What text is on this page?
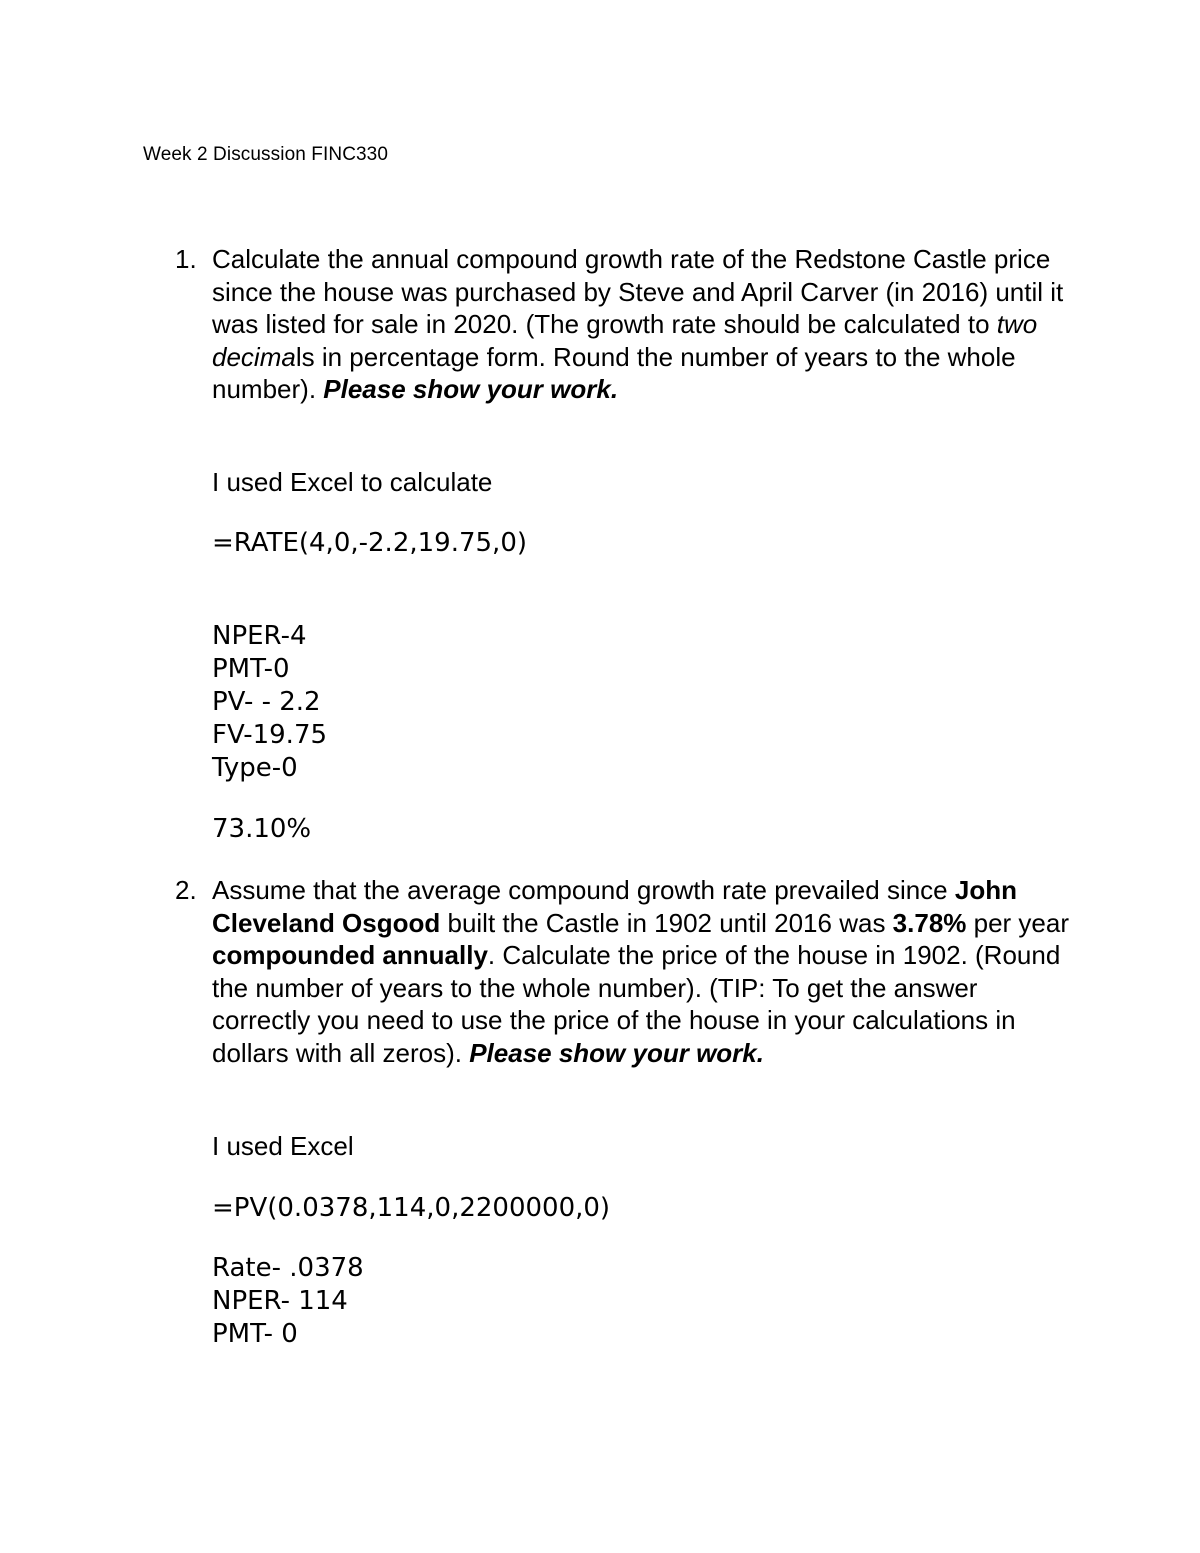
Week 2 Discussion FINC330
1. Calculate the annual compound growth rate of the Redstone Castle price since the house was purchased by Steve and April Carver (in 2016) until it was listed for sale in 2020. (The growth rate should be calculated to two decimals in percentage form. Round the number of years to the whole number). Please show your work.
I used Excel to calculate
=RATE(4,0,-2.2,19.75,0)
NPER-4
PMT-0
PV- - 2.2
FV-19.75
Type-0
73.10%
2. Assume that the average compound growth rate prevailed since John Cleveland Osgood built the Castle in 1902 until 2016 was 3.78% per year compounded annually. Calculate the price of the house in 1902. (Round the number of years to the whole number). (TIP: To get the answer correctly you need to use the price of the house in your calculations in dollars with all zeros). Please show your work.
I used Excel
=PV(0.0378,114,0,2200000,0)
Rate- .0378
NPER- 114
PMT- 0
